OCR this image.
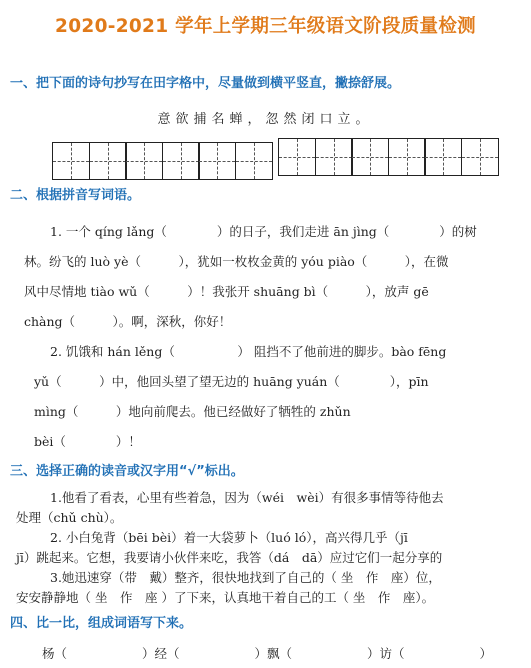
2020-2021 学年上学期三年级语文阶段质量检测
一、把下面的诗句抄写在田字格中，尽量做到横平竖直，撇捺舒展。
意欲捕名蝉，忽然闭口立。
二、根据拼音写词语。
1. 一个 qíng lǎng（　　　　）的日子，我们走进 ān jìng（　　　　）的树
林。纷飞的 luò yè（　　　），犹如一枚枚金黄的 yóu piào（　　　），在微
风中尽情地 tiào wǔ（　　　）！我张开 shuāng bì（　　　），放声 gē
chàng（　　　）。啊，深秋，你好！
2. 饥饿和 hán lěng（　　　　　） 阻挡不了他前进的脚步。bào fēng
yǔ（　　　）中，他回头望了望无边的 huāng yuán（　　　　），pīn
mìng（　　　）地向前爬去。他已经做好了牺牲的 zhǔn
bèi（　　　　）！
三、选择正确的读音或汉字用“√”标出。
1.他看了看表，心里有些着急，因为（wéi　wèi）有很多事情等待他去
处理（chǔ chù）。
2. 小白兔背（bēi bèi）着一大袋萝卜（luó ló），高兴得几乎（jī
jī）跳起来。它想，我要请小伙伴来吃，我答（dá　dā）应过它们一起分享的
3.她迅速穿（带　戴）整齐，很快地找到了自己的（ 坐　作　座）位，
安安静静地（ 坐　作　座 ）了下来，认真地干着自己的工（ 坐　作　座）。
四、比一比，组成词语写下来。
杨（　　　　　　）经（　　　　　　）飘（　　　　　　）访（　　　　　　）
